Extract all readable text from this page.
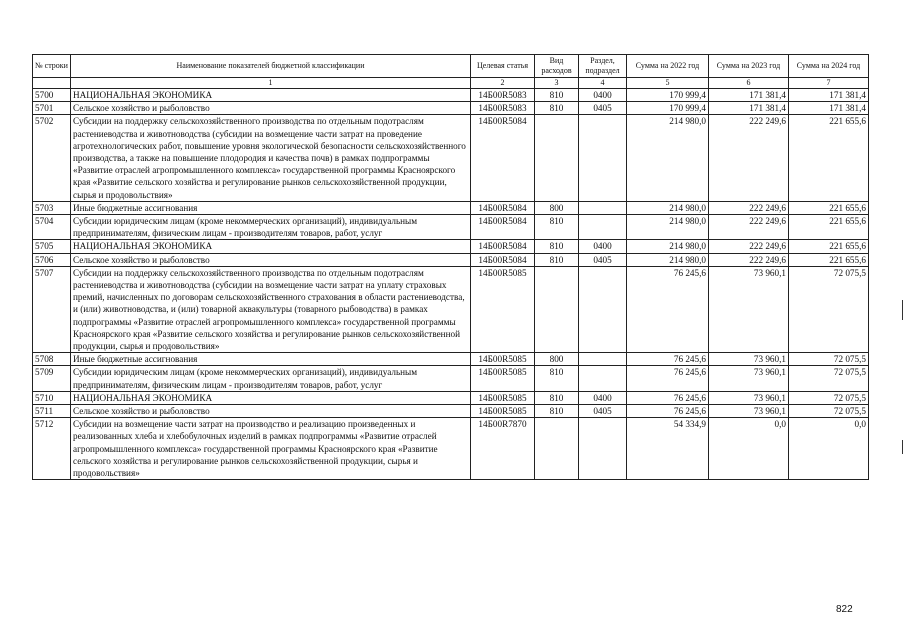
№ строки	Наименование показателей бюджетной классификации	Целевая статья	Вид расходов	Раздел, подраздел	Сумма на 2022 год	Сумма на 2023 год	Сумма на 2024 год
	1	2	3	4	5	6	7
5700	НАЦИОНАЛЬНАЯ ЭКОНОМИКА	14Б00R5083	810	0400	170 999,4	171 381,4	171 381,4
5701	Сельское хозяйство и рыболовство	14Б00R5083	810	0405	170 999,4	171 381,4	171 381,4
5702	Субсидии на поддержку сельскохозяйственного производства по отдельным подотраслям растениеводства и животноводства (субсидии на возмещение части затрат на проведение агротехнологических работ, повышение уровня экологической безопасности сельскохозяйственного производства, а также на повышение плодородия и качества почв) в рамках подпрограммы «Развитие отраслей агропромышленного комплекса» государственной программы Красноярского края «Развитие сельского хозяйства и регулирование рынков сельскохозяйственной продукции, сырья и продовольствия»	14Б00R5084			214 980,0	222 249,6	221 655,6
5703	Иные бюджетные ассигнования	14Б00R5084	800		214 980,0	222 249,6	221 655,6
5704	Субсидии юридическим лицам (кроме некоммерческих организаций), индивидуальным предпринимателям, физическим лицам - производителям товаров, работ, услуг	14Б00R5084	810		214 980,0	222 249,6	221 655,6
5705	НАЦИОНАЛЬНАЯ ЭКОНОМИКА	14Б00R5084	810	0400	214 980,0	222 249,6	221 655,6
5706	Сельское хозяйство и рыболовство	14Б00R5084	810	0405	214 980,0	222 249,6	221 655,6
5707	Субсидии на поддержку сельскохозяйственного производства по отдельным подотраслям растениеводства и животноводства (субсидии на возмещение части затрат на уплату страховых премий, начисленных по договорам сельскохозяйственного страхования в области растениеводства, и (или) животноводства, и (или) товарной аквакультуры (товарного рыбоводства) в рамках подпрограммы «Развитие отраслей агропромышленного комплекса» государственной программы Красноярского края «Развитие сельского хозяйства и регулирование рынков сельскохозяйственной продукции, сырья и продовольствия»	14Б00R5085			76 245,6	73 960,1	72 075,5
5708	Иные бюджетные ассигнования	14Б00R5085	800		76 245,6	73 960,1	72 075,5
5709	Субсидии юридическим лицам (кроме некоммерческих организаций), индивидуальным предпринимателям, физическим лицам - производителям товаров, работ, услуг	14Б00R5085	810		76 245,6	73 960,1	72 075,5
5710	НАЦИОНАЛЬНАЯ ЭКОНОМИКА	14Б00R5085	810	0400	76 245,6	73 960,1	72 075,5
5711	Сельское хозяйство и рыболовство	14Б00R5085	810	0405	76 245,6	73 960,1	72 075,5
5712	Субсидии на возмещение части затрат на производство и реализацию произведенных и реализованных хлеба и хлебобулочных изделий в рамках подпрограммы «Развитие отраслей агропромышленного комплекса» государственной программы Красноярского края «Развитие сельского хозяйства и регулирование рынков сельскохозяйственной продукции, сырья и продовольствия»	14Б00R7870			54 334,9	0,0	0,0
822
